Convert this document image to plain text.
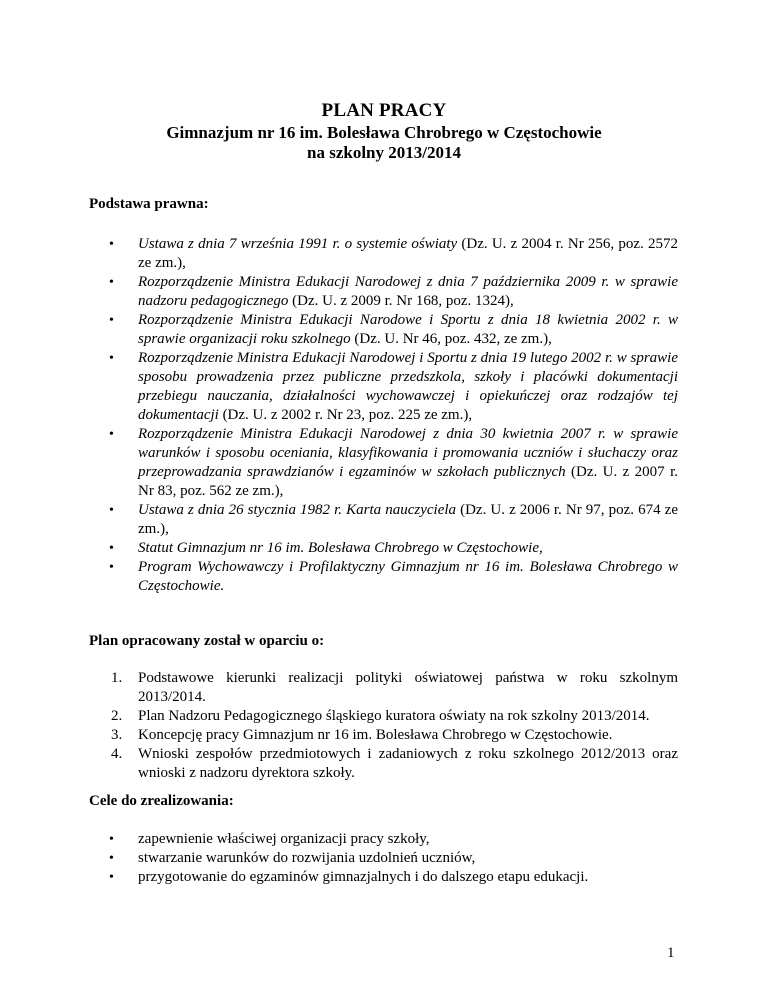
PLAN PRACY
Gimnazjum nr 16 im. Bolesława Chrobrego w Częstochowie
na szkolny 2013/2014
Podstawa prawna:
• Ustawa z dnia 7 września 1991 r. o systemie oświaty (Dz. U. z 2004 r. Nr 256, poz. 2572 ze zm.),
• Rozporządzenie Ministra Edukacji Narodowej z dnia 7 października 2009 r. w sprawie nadzoru pedagogicznego (Dz. U. z 2009 r. Nr 168, poz. 1324),
• Rozporządzenie Ministra Edukacji Narodowe i Sportu z dnia 18 kwietnia 2002 r. w sprawie organizacji roku szkolnego (Dz. U. Nr 46, poz. 432, ze zm.),
• Rozporządzenie Ministra Edukacji Narodowej i Sportu z dnia 19 lutego 2002 r. w sprawie sposobu prowadzenia przez publiczne przedszkola, szkoły i placówki dokumentacji przebiegu nauczania, działalności wychowawczej i opiekuńczej oraz rodzajów tej dokumentacji (Dz. U. z 2002 r. Nr 23, poz. 225 ze zm.),
• Rozporządzenie Ministra Edukacji Narodowej z dnia 30 kwietnia 2007 r. w sprawie warunków i sposobu oceniania, klasyfikowania i promowania uczniów i słuchaczy oraz przeprowadzania sprawdzianów i egzaminów w szkołach publicznych (Dz. U. z 2007 r. Nr 83, poz. 562 ze zm.),
• Ustawa z dnia 26 stycznia 1982 r. Karta nauczyciela (Dz. U. z 2006 r. Nr 97, poz. 674 ze zm.),
• Statut Gimnazjum nr 16 im. Bolesława Chrobrego w Częstochowie,
• Program Wychowawczy i Profilaktyczny Gimnazjum nr 16 im. Bolesława Chrobrego w Częstochowie.
Plan opracowany został w oparciu o:
1. Podstawowe kierunki realizacji polityki oświatowej państwa w roku szkolnym 2013/2014.
2. Plan Nadzoru Pedagogicznego śląskiego kuratora oświaty na rok szkolny 2013/2014.
3. Koncepcję pracy Gimnazjum nr 16 im. Bolesława Chrobrego w Częstochowie.
4. Wnioski zespołów przedmiotowych i zadaniowych z roku szkolnego 2012/2013 oraz wnioski z nadzoru dyrektora szkoły.
Cele do zrealizowania:
• zapewnienie właściwej organizacji pracy szkoły,
• stwarzanie warunków do rozwijania uzdolnień uczniów,
• przygotowanie do egzaminów gimnazjalnych i do dalszego etapu edukacji.
1
